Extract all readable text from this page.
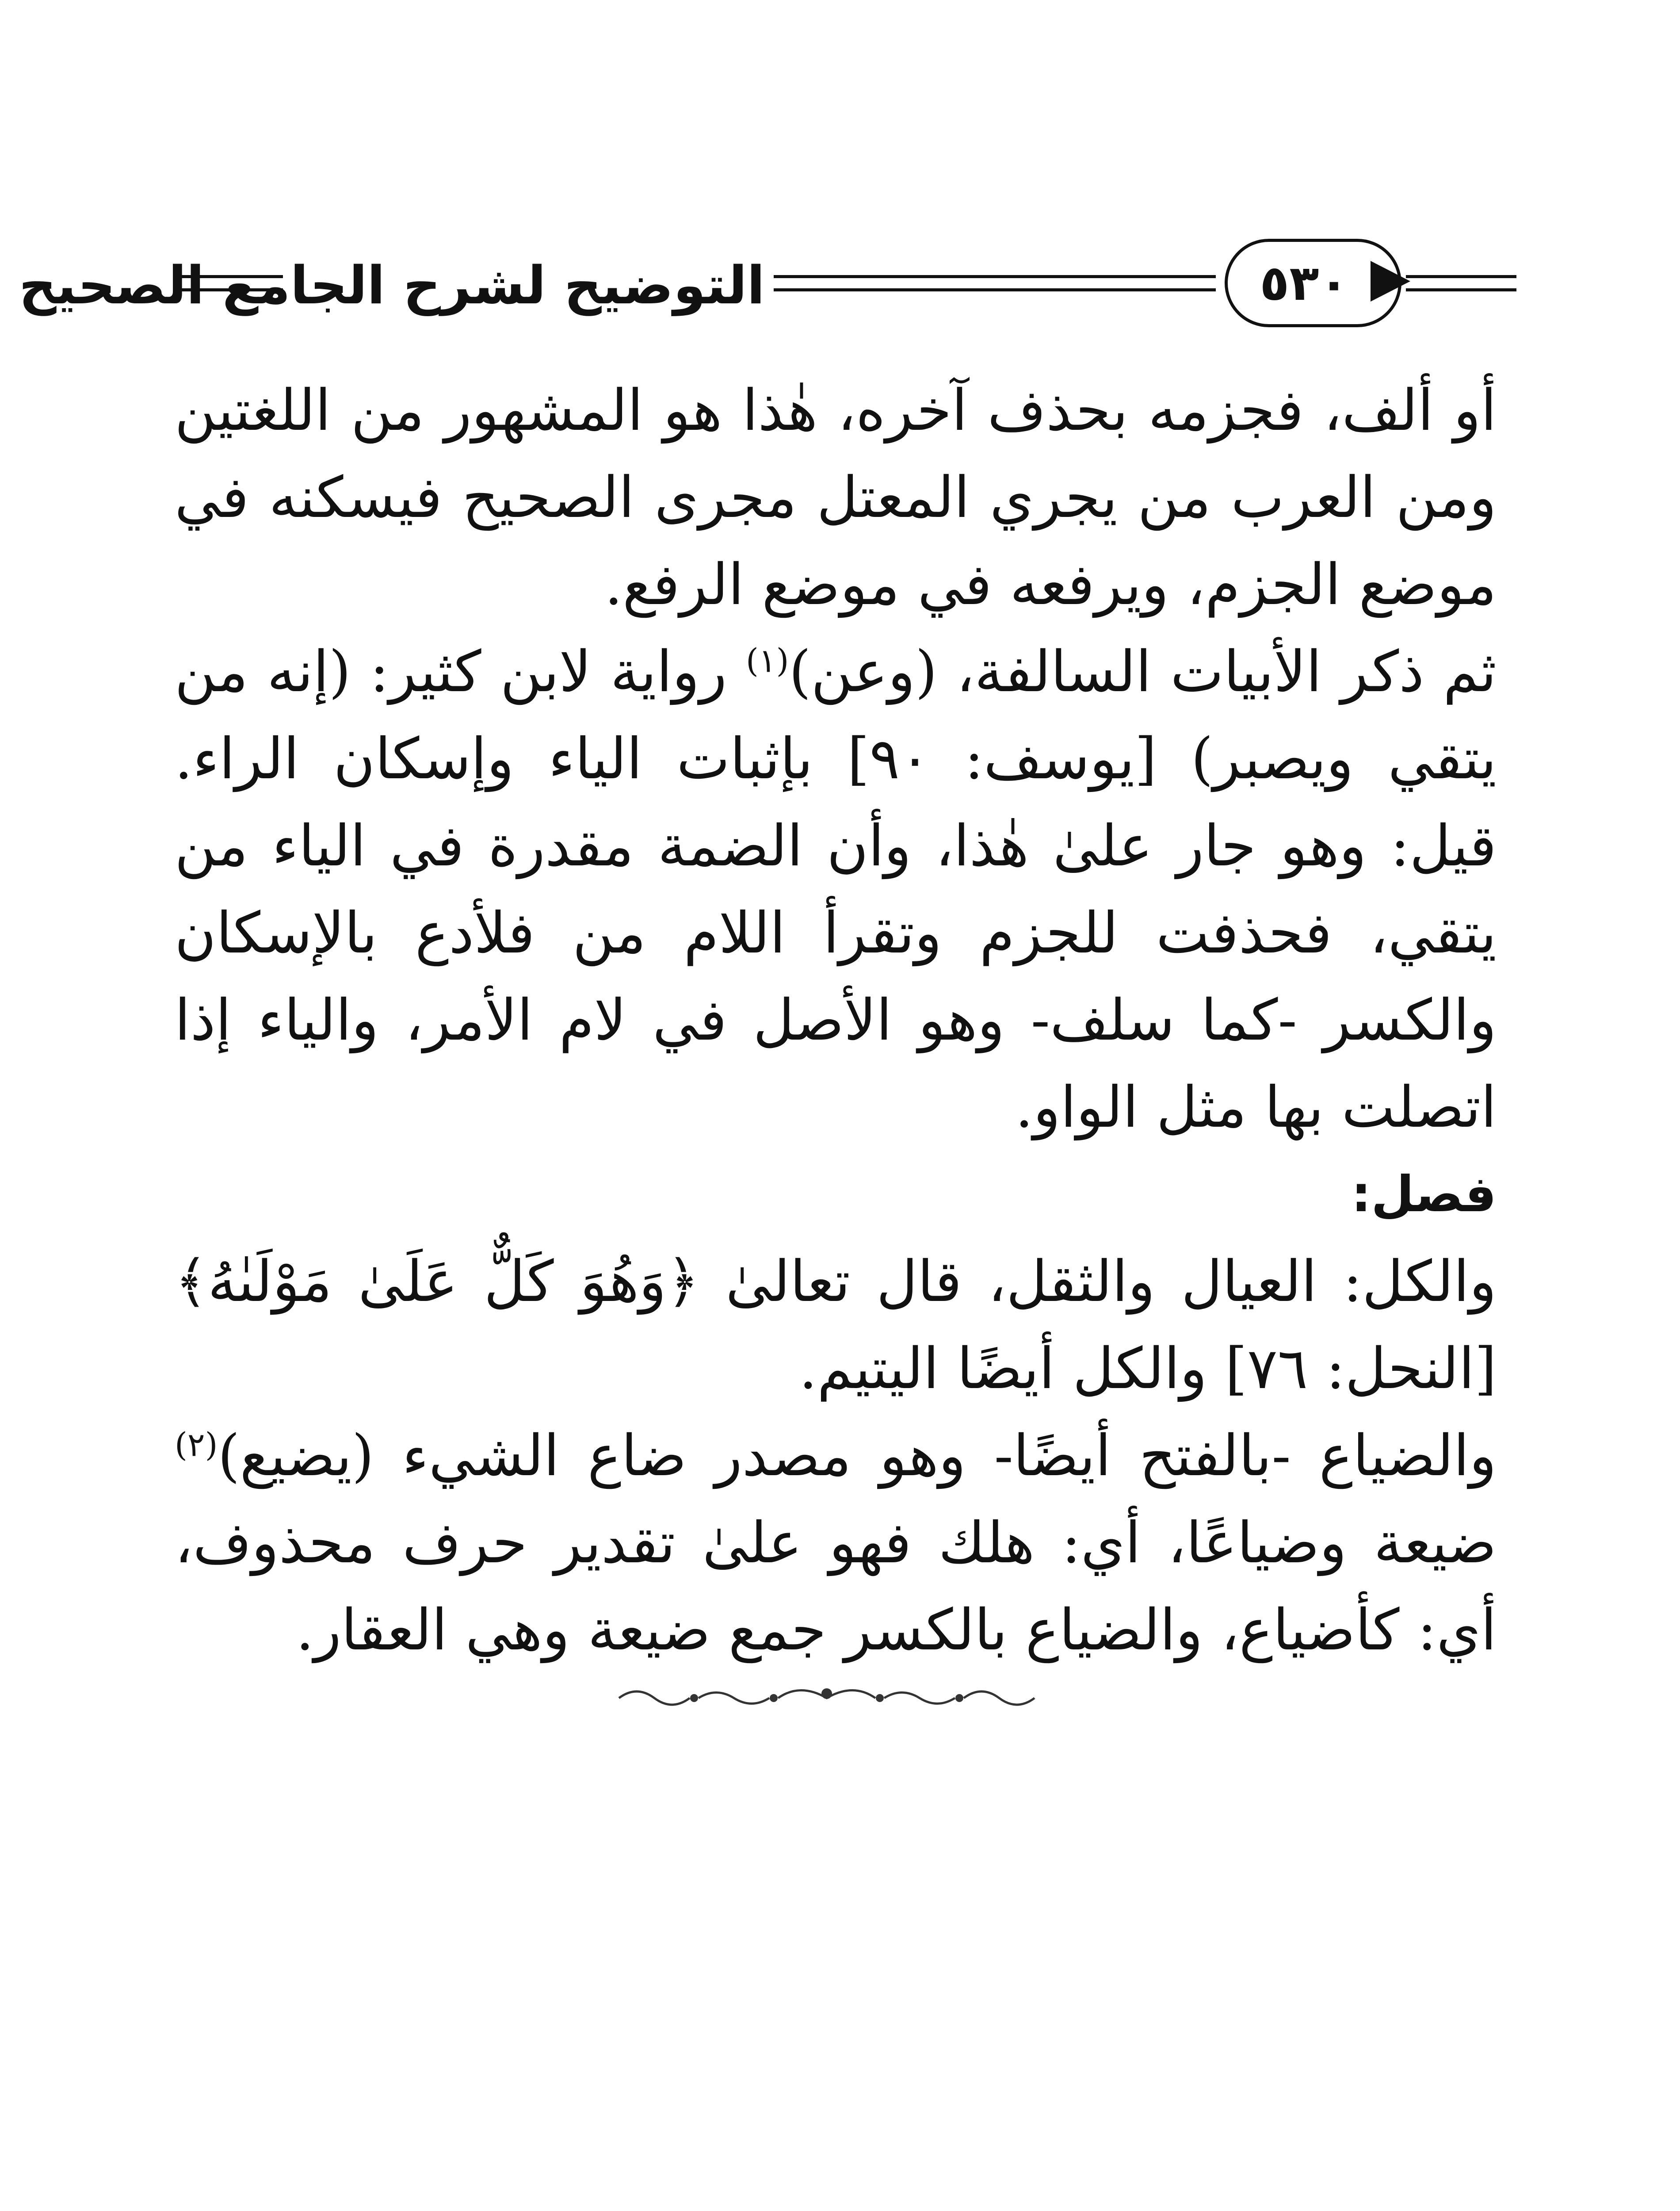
التوضيح لشرح الجامع الصحيح	٥٣٠

أو ألف، فجزمه بحذف آخره، هٰذا هو المشهور من اللغتين ومن العرب من يجري المعتل مجرى الصحيح فيسكنه في موضع الجزم، ويرفعه في موضع الرفع.

ثم ذكر الأبيات السالفة، (وعن)$^{(١)}$ رواية لابن كثير: (إنه من يتقي ويصبر) [يوسف: ٩٠] بإثبات الياء وإسكان الراء. قيل: وهو جار علىٰ هٰذا، وأن الضمة مقدرة في الياء من يتقي، فحذفت للجزم وتقرأ اللام من فلأدع بالإسكان والكسر -كما سلف- وهو الأصل في لام الأمر، والياء إذا اتصلت بها مثل الواو.

فصل:

والكل: العيال والثقل، قال تعالىٰ ﴿وَهُوَ كَلٌّ عَلَىٰ مَوْلَىٰهُ﴾ [النحل: ٧٦] والكل أيضًا اليتيم.

والضياع -بالفتح أيضًا- وهو مصدر ضاع الشيء (يضيع)$^{(٢)}$ ضيعة وضياعًا، أي: هلك فهو علىٰ تقدير حرف محذوف، أي: كأضياع، والضياع بالكسر جمع ضيعة وهي العقار.
